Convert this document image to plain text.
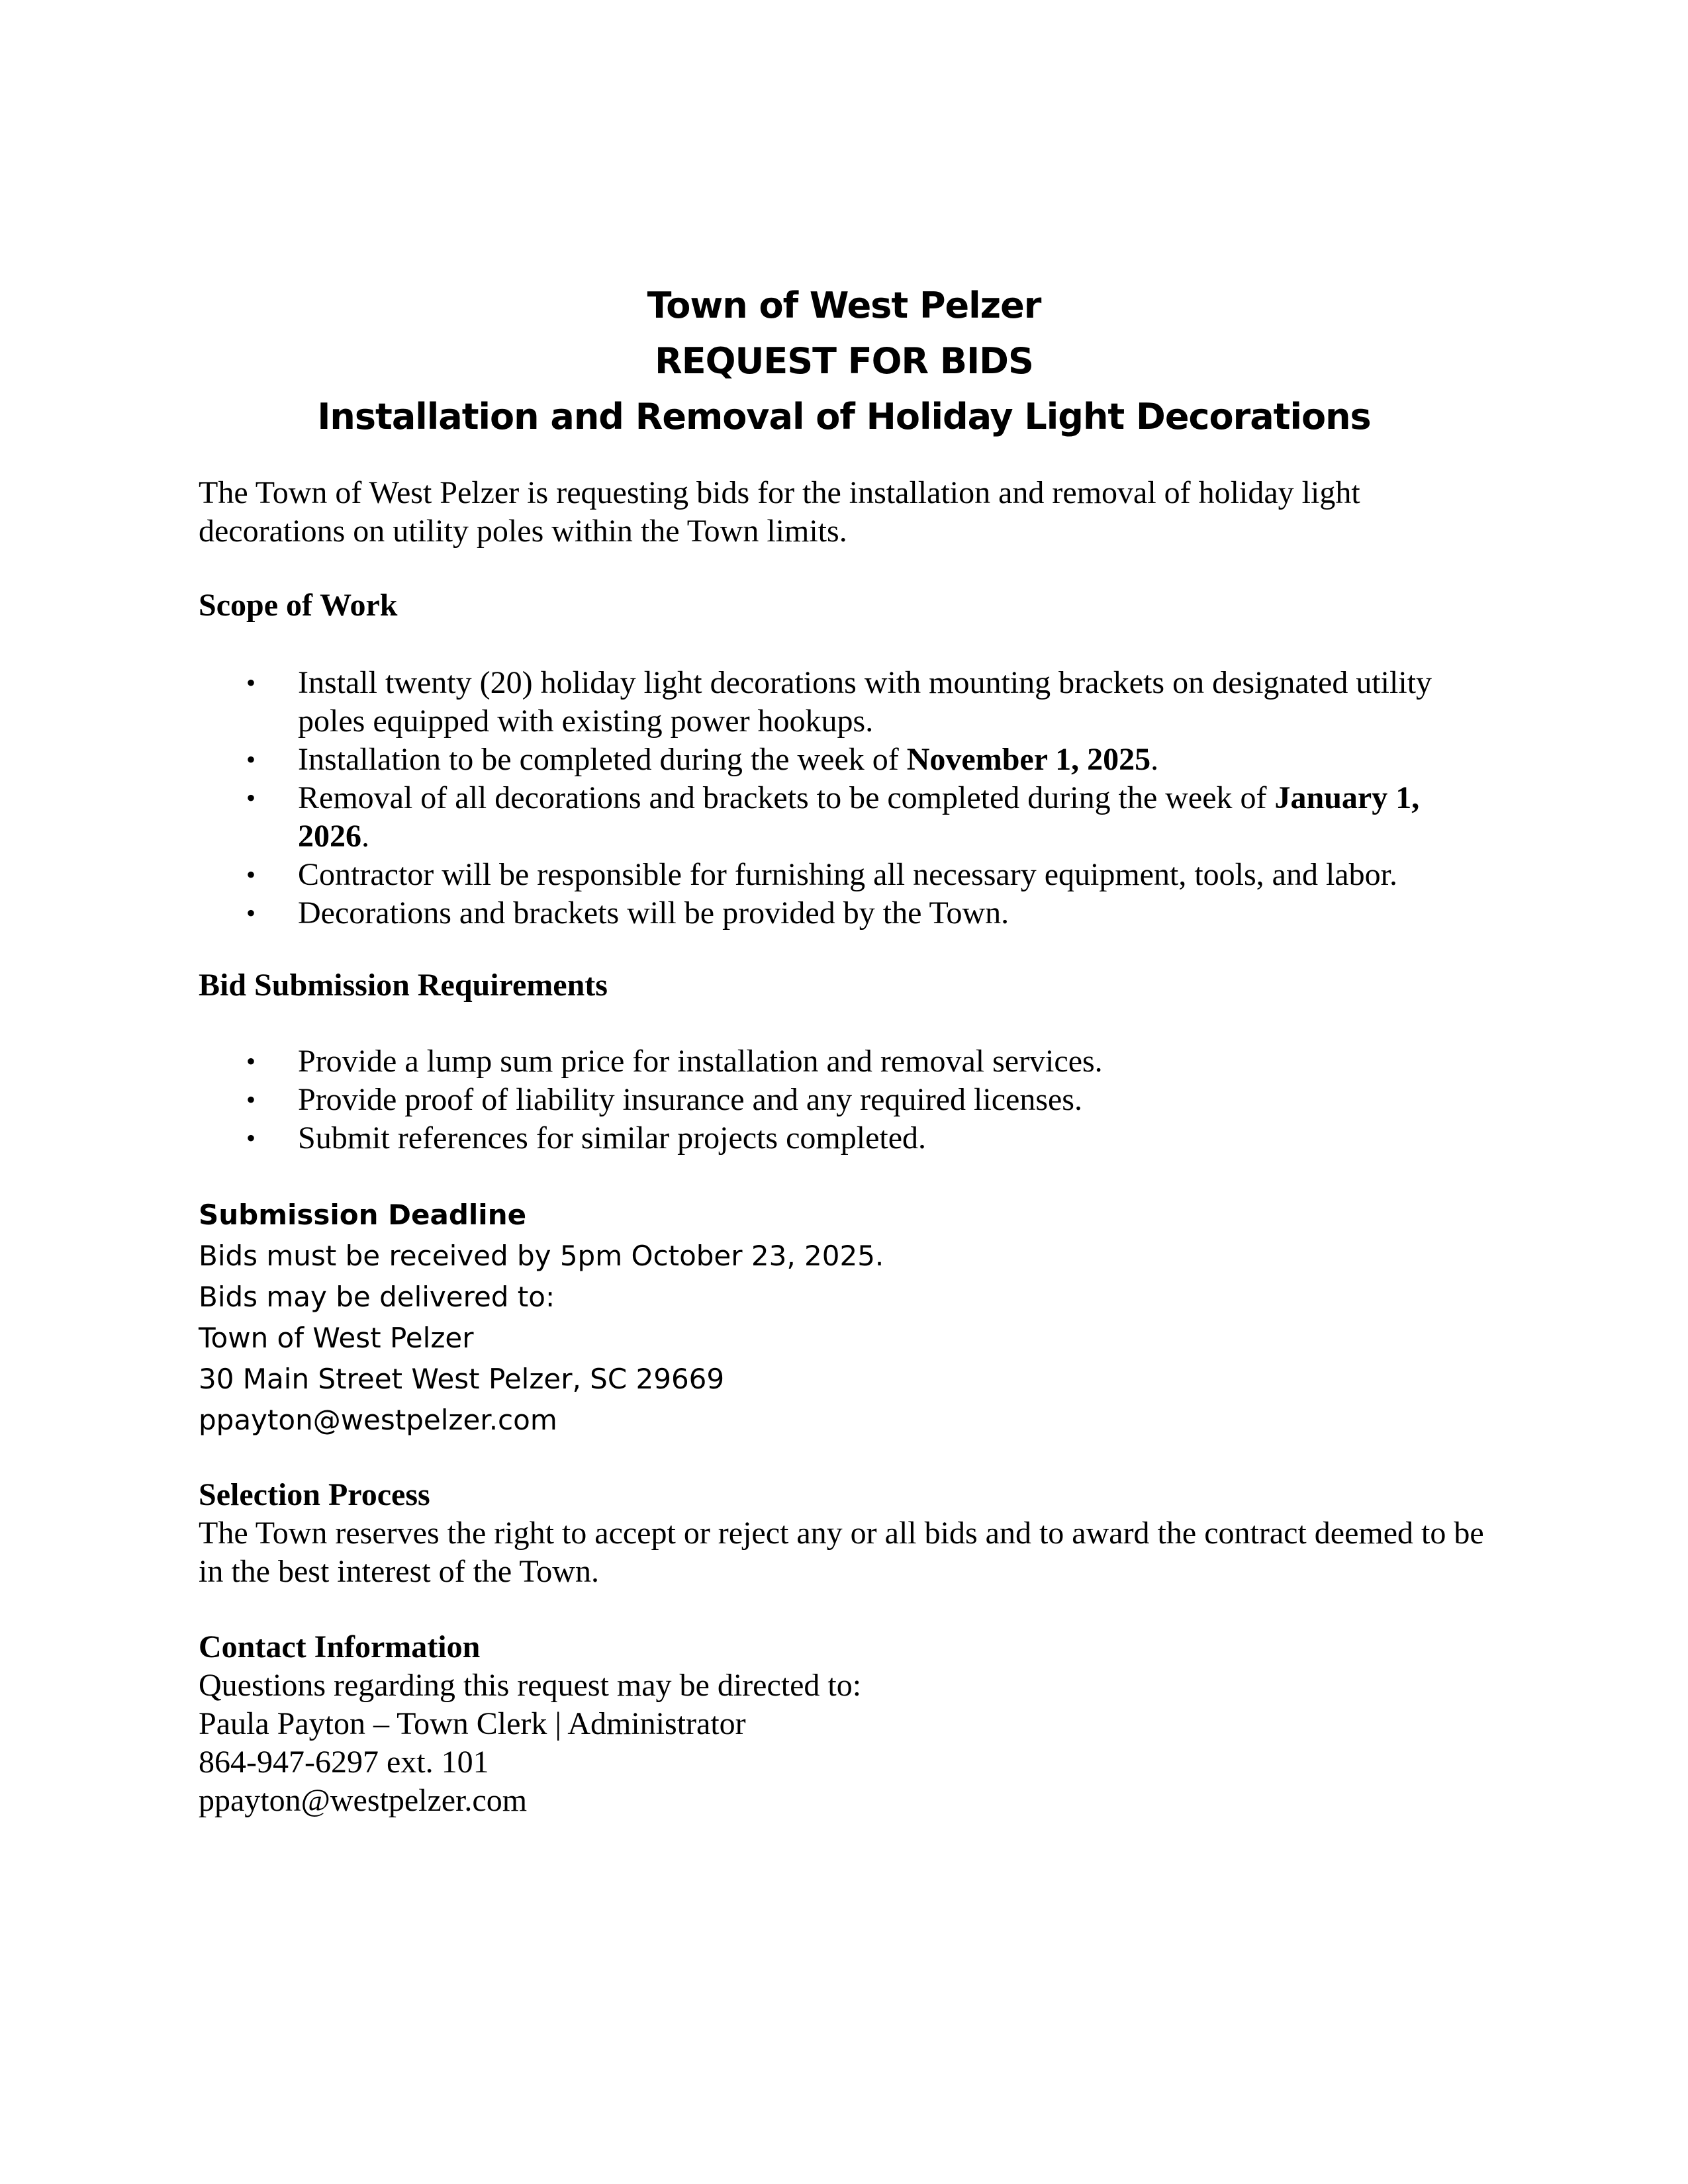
Town of West Pelzer
REQUEST FOR BIDS
Installation and Removal of Holiday Light Decorations
The Town of West Pelzer is requesting bids for the installation and removal of holiday light decorations on utility poles within the Town limits.
Scope of Work
• Install twenty (20) holiday light decorations with mounting brackets on designated utility poles equipped with existing power hookups.
• Installation to be completed during the week of November 1, 2025.
• Removal of all decorations and brackets to be completed during the week of January 1, 2026.
• Contractor will be responsible for furnishing all necessary equipment, tools, and labor.
• Decorations and brackets will be provided by the Town.
Bid Submission Requirements
• Provide a lump sum price for installation and removal services.
• Provide proof of liability insurance and any required licenses.
• Submit references for similar projects completed.
Submission Deadline
Bids must be received by 5pm October 23, 2025.
Bids may be delivered to:
Town of West Pelzer
30 Main Street West Pelzer, SC 29669
ppayton@westpelzer.com
Selection Process
The Town reserves the right to accept or reject any or all bids and to award the contract deemed to be in the best interest of the Town.
Contact Information
Questions regarding this request may be directed to:
Paula Payton – Town Clerk | Administrator
864-947-6297 ext. 101
ppayton@westpelzer.com
